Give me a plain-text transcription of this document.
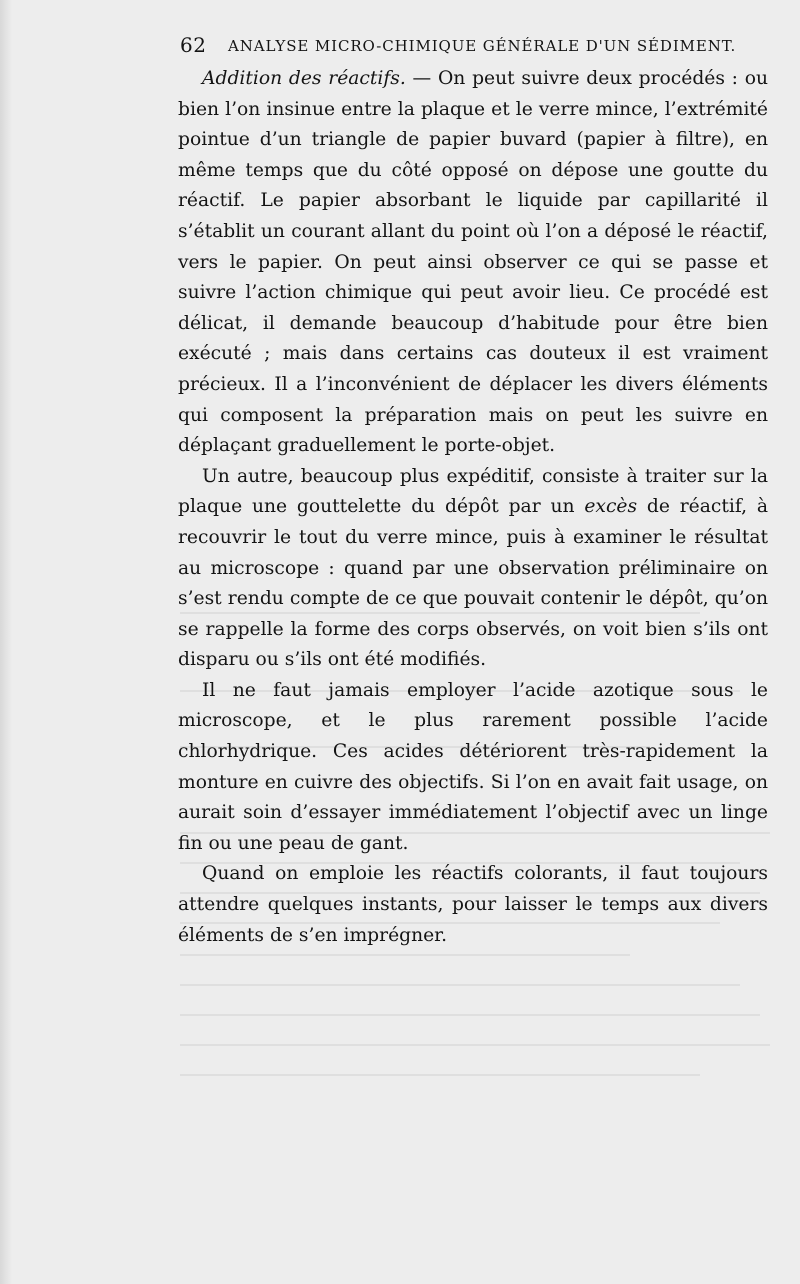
62 ANALYSE MICRO-CHIMIQUE GÉNÉRALE D'UN SÉDIMENT.

Addition des réactifs. — On peut suivre deux procédés : ou bien l’on insinue entre la plaque et le verre mince, l’extrémité pointue d’un triangle de papier buvard (papier à filtre), en même temps que du côté opposé on dépose une goutte du réactif. Le papier absorbant le liquide par capillarité il s’établit un courant allant du point où l’on a déposé le réactif, vers le papier. On peut ainsi observer ce qui se passe et suivre l’action chimique qui peut avoir lieu. Ce procédé est délicat, il demande beaucoup d’habitude pour être bien exécuté ; mais dans certains cas douteux il est vraiment précieux. Il a l’inconvénient de déplacer les divers éléments qui composent la préparation mais on peut les suivre en déplaçant graduellement le porte-objet.

Un autre, beaucoup plus expéditif, consiste à traiter sur la plaque une gouttelette du dépôt par un excès de réactif, à recouvrir le tout du verre mince, puis à examiner le résultat au microscope : quand par une observation préliminaire on s’est rendu compte de ce que pouvait contenir le dépôt, qu’on se rappelle la forme des corps observés, on voit bien s’ils ont disparu ou s’ils ont été modifiés.

Il ne faut jamais employer l’acide azotique sous le microscope, et le plus rarement possible l’acide chlorhydrique. Ces acides détériorent très-rapidement la monture en cuivre des objectifs. Si l’on en avait fait usage, on aurait soin d’essayer immédiatement l’objectif avec un linge fin ou une peau de gant.

Quand on emploie les réactifs colorants, il faut toujours attendre quelques instants, pour laisser le temps aux divers éléments de s’en imprégner.
